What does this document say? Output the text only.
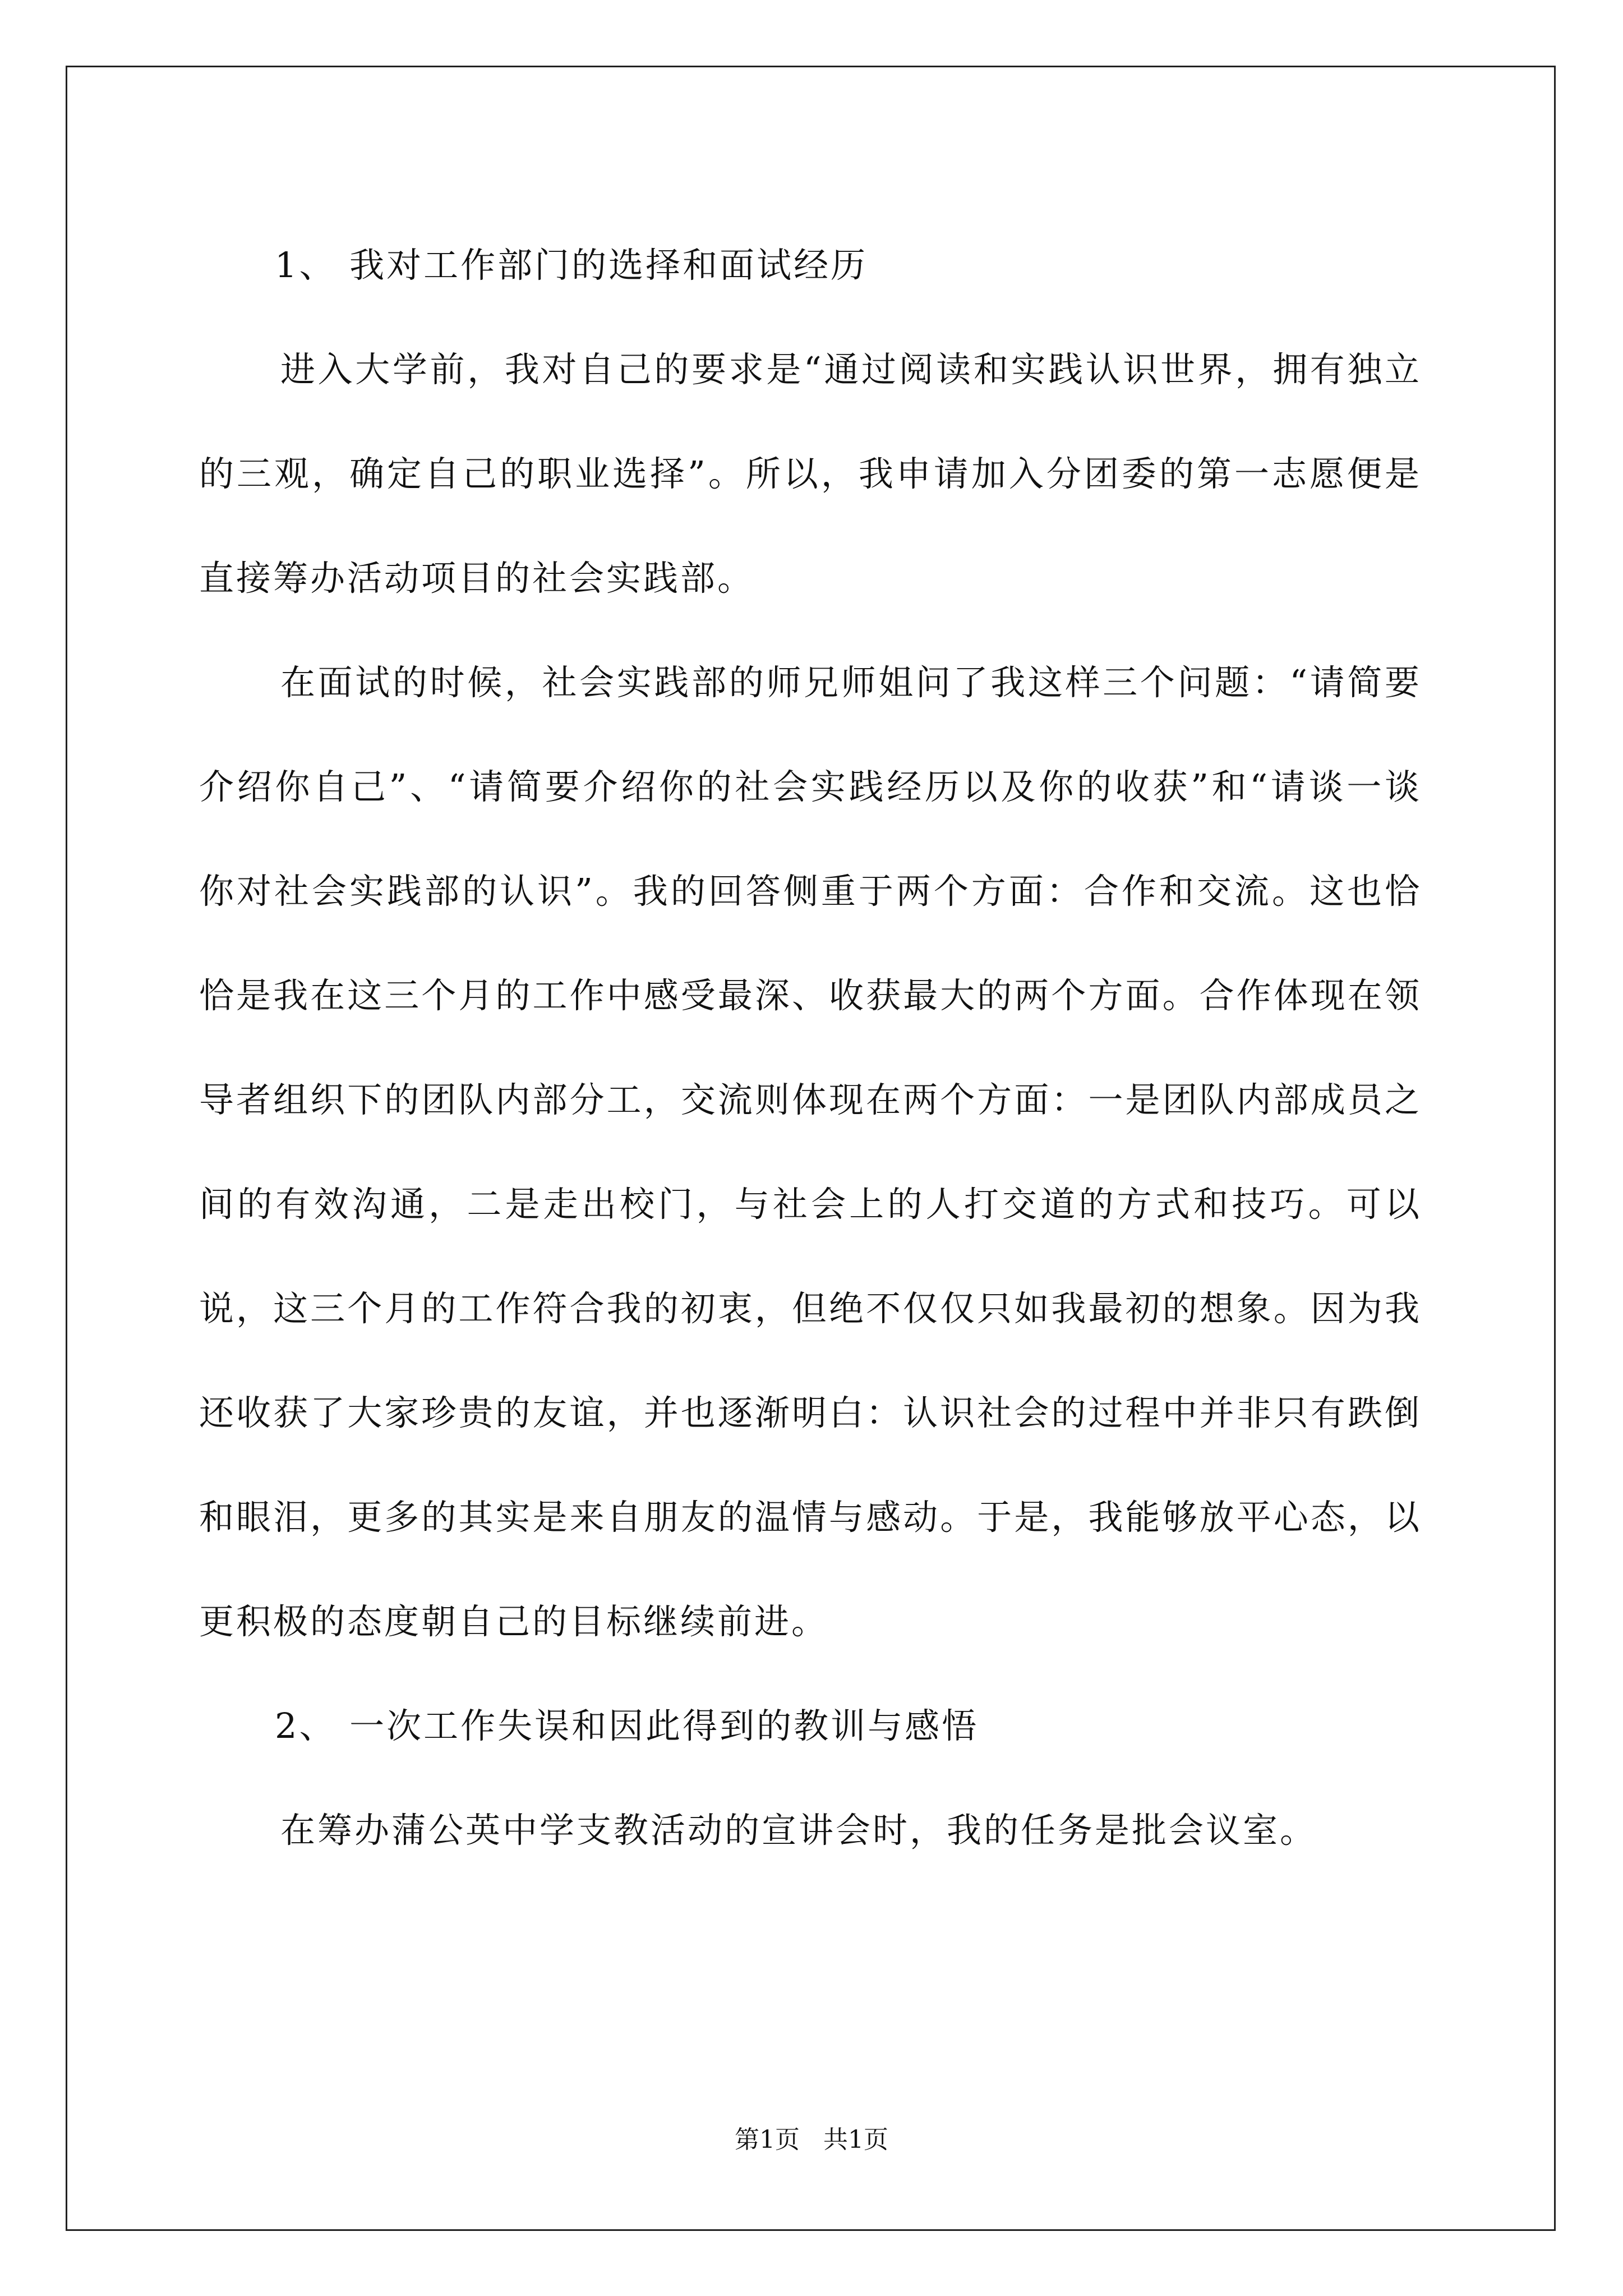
1、 我对工作部门的选择和面试经历

进入大学前，我对自己的要求是“通过阅读和实践认识世界，拥有独立的三观，确定自己的职业选择”。所以，我申请加入分团委的第一志愿便是直接筹办活动项目的社会实践部。

在面试的时候，社会实践部的师兄师姐问了我这样三个问题：“请简要介绍你自己”、“请简要介绍你的社会实践经历以及你的收获”和“请谈一谈你对社会实践部的认识”。我的回答侧重于两个方面：合作和交流。这也恰恰是我在这三个月的工作中感受最深、收获最大的两个方面。合作体现在领导者组织下的团队内部分工，交流则体现在两个方面：一是团队内部成员之间的有效沟通，二是走出校门，与社会上的人打交道的方式和技巧。可以说，这三个月的工作符合我的初衷，但绝不仅仅只如我最初的想象。因为我还收获了大家珍贵的友谊，并也逐渐明白：认识社会的过程中并非只有跌倒和眼泪，更多的其实是来自朋友的温情与感动。于是，我能够放平心态，以更积极的态度朝自己的目标继续前进。

2、 一次工作失误和因此得到的教训与感悟

在筹办蒲公英中学支教活动的宣讲会时，我的任务是批会议室。

第1页 共1页
